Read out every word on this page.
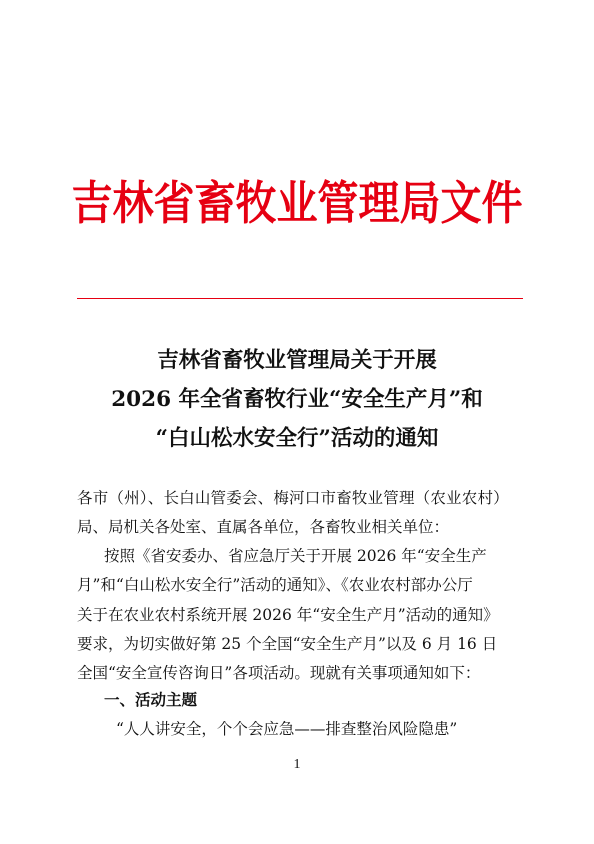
吉林省畜牧业管理局文件
吉林省畜牧业管理局关于开展
2026 年全省畜牧行业“安全生产月”和
“白山松水安全行”活动的通知
各市（州）、长白山管委会、梅河口市畜牧业管理（农业农村）
局、局机关各处室、直属各单位，各畜牧业相关单位：
按照《省安委办、省应急厅关于开展 2026 年“安全生产
月”和“白山松水安全行”活动的通知》、《农业农村部办公厅
关于在农业农村系统开展 2026 年“安全生产月”活动的通知》
要求，为切实做好第 25 个全国“安全生产月”以及 6 月 16 日
全国“安全宣传咨询日”各项活动。现就有关事项通知如下：
一、活动主题
“人人讲安全，个个会应急——排查整治风险隐患”
1
